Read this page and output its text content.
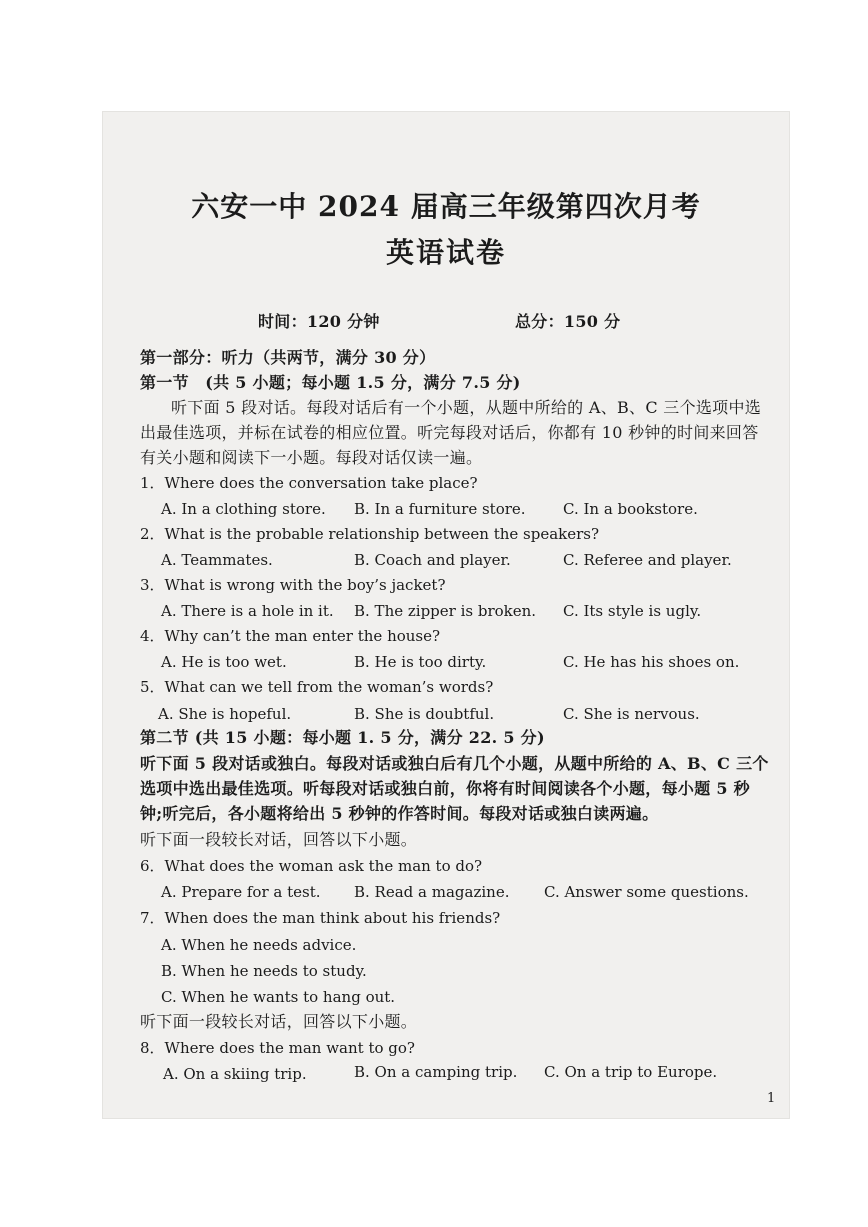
六安一中 2024 届高三年级第四次月考
英语试卷
时间：120 分钟	总分：150 分
第一部分：听力（共两节，满分 30 分）
第一节　(共 5 小题；每小题 1.5 分，满分 7.5 分)
听下面 5 段对话。每段对话后有一个小题，从题中所给的 A、B、C 三个选项中选
出最佳选项，并标在试卷的相应位置。听完每段对话后，你都有 10 秒钟的时间来回答
有关小题和阅读下一小题。每段对话仅读一遍。
1．Where does the conversation take place?
A. In a clothing store. B. In a furniture store. C. In a bookstore.
2．What is the probable relationship between the speakers?
A. Teammates.	B. Coach and player.	C. Referee and player.
3．What is wrong with the boy’s jacket?
A. There is a hole in it. B. The zipper is broken. C. Its style is ugly.
4．Why can’t the man enter the house?
A. He is too wet.	B. He is too dirty.	C. He has his shoes on.
5．What can we tell from the woman’s words?
A. She is hopeful.	B. She is doubtful.	C. She is nervous.
第二节 (共 15 小题：每小题 1. 5 分，满分 22. 5 分)
听下面 5 段对话或独白。每段对话或独白后有几个小题，从题中所给的 A、B、C 三个
选项中选出最佳选项。听每段对话或独白前，你将有时间阅读各个小题，每小题 5 秒
钟;听完后，各小题将给出 5 秒钟的作答时间。每段对话或独白读两遍。
听下面一段较长对话，回答以下小题。
6．What does the woman ask the man to do?
A. Prepare for a test. B. Read a magazine. C. Answer some questions.
7．When does the man think about his friends?
A. When he needs advice.
B. When he needs to study.
C. When he wants to hang out.
听下面一段较长对话，回答以下小题。
8．Where does the man want to go?
A. On a skiing trip.	B. On a camping trip. C. On a trip to Europe.
1
